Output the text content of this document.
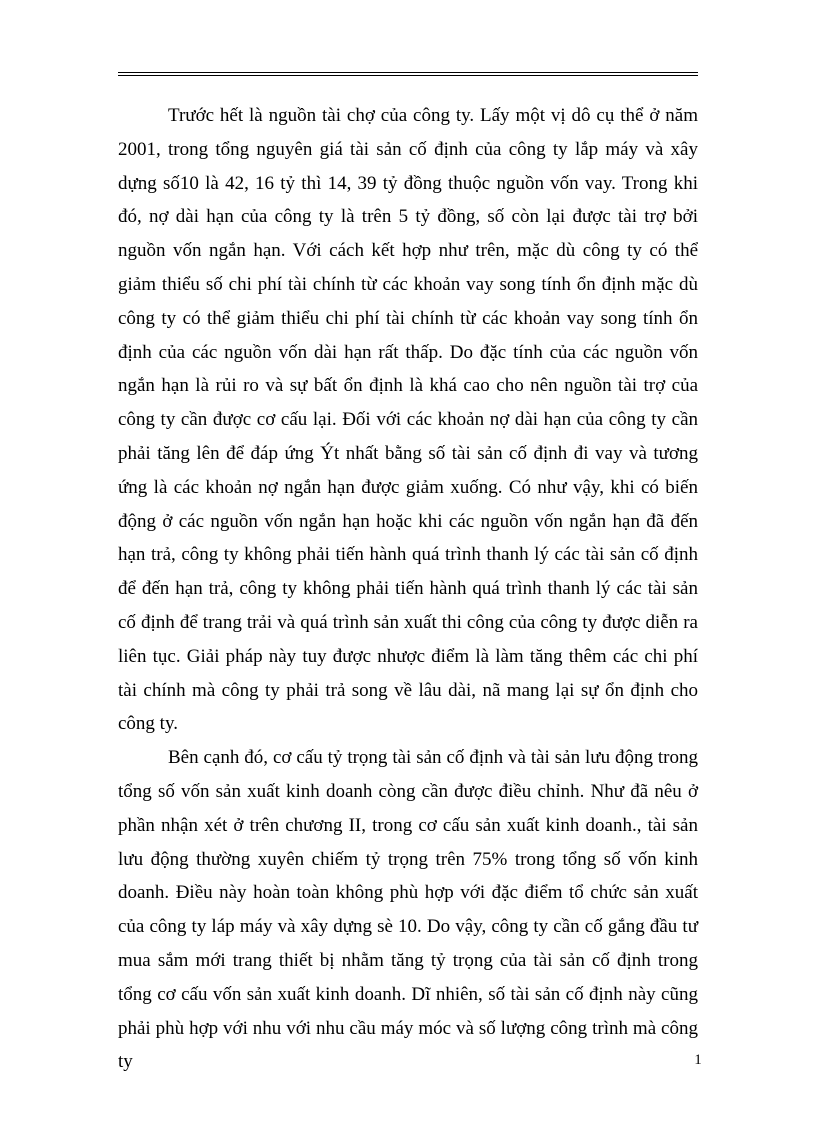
Trước hết là nguồn tài chợ của công ty. Lấy một vị dô cụ thể ở năm 2001, trong tổng nguyên giá tài sản cố định của công ty lắp máy và xây dựng số10 là 42, 16 tỷ thì 14, 39 tỷ đồng thuộc nguồn vốn vay. Trong khi đó, nợ dài hạn của công ty là trên 5 tỷ đồng, số còn lại được tài trợ bởi nguồn vốn ngắn hạn. Với cách kết hợp như trên, mặc dù công ty có thể giảm thiểu số chi phí tài chính từ các khoản vay song tính ổn định mặc dù công ty có thể giảm thiểu chi phí tài chính từ các khoản vay song tính ổn định của các nguồn vốn dài hạn rất thấp. Do đặc tính của các nguồn vốn ngắn hạn là rủi ro và sự bất ổn định là khá cao cho nên nguồn tài trợ của công ty cần được cơ cấu lại. Đối với các khoản nợ dài hạn của công ty cần phải tăng lên để đáp ứng Ýt nhất bằng số tài sản cố định đi vay và tương ứng là các khoản nợ ngắn hạn được giảm xuống. Có như vậy, khi có biến động ở các nguồn vốn ngắn hạn hoặc khi các nguồn vốn ngắn hạn đã đến hạn trả, công ty không phải tiến hành quá trình thanh lý các tài sản cố định để đến hạn trả, công ty không phải tiến hành quá trình thanh lý các tài sản cố định để trang trải và quá trình sản xuất thi công của công ty được diễn ra liên tục. Giải pháp này tuy được nhược điểm là làm tăng thêm các chi phí tài chính mà công ty phải trả song về lâu dài, nã mang lại sự ổn định cho công ty.

Bên cạnh đó, cơ cấu tỷ trọng tài sản cố định và tài sản lưu động trong tổng số vốn sản xuất kinh doanh còng cần được điều chỉnh. Như đã nêu ở phần nhận xét ở trên chương II, trong cơ cấu sản xuất kinh doanh., tài sản lưu động thường xuyên chiếm tỷ trọng trên 75% trong tổng số vốn kinh doanh. Điều này hoàn toàn không phù hợp với đặc điểm tổ chức sản xuất của công ty láp máy và xây dựng sè 10. Do vậy, công ty cần cố gắng đầu tư mua sắm mới trang thiết bị nhằm tăng tỷ trọng của tài sản cố định trong tổng cơ cấu vốn sản xuất kinh doanh. Dĩ nhiên, số tài sản cố định này cũng phải phù hợp với nhu với nhu cầu máy móc và số lượng công trình mà công ty	1
